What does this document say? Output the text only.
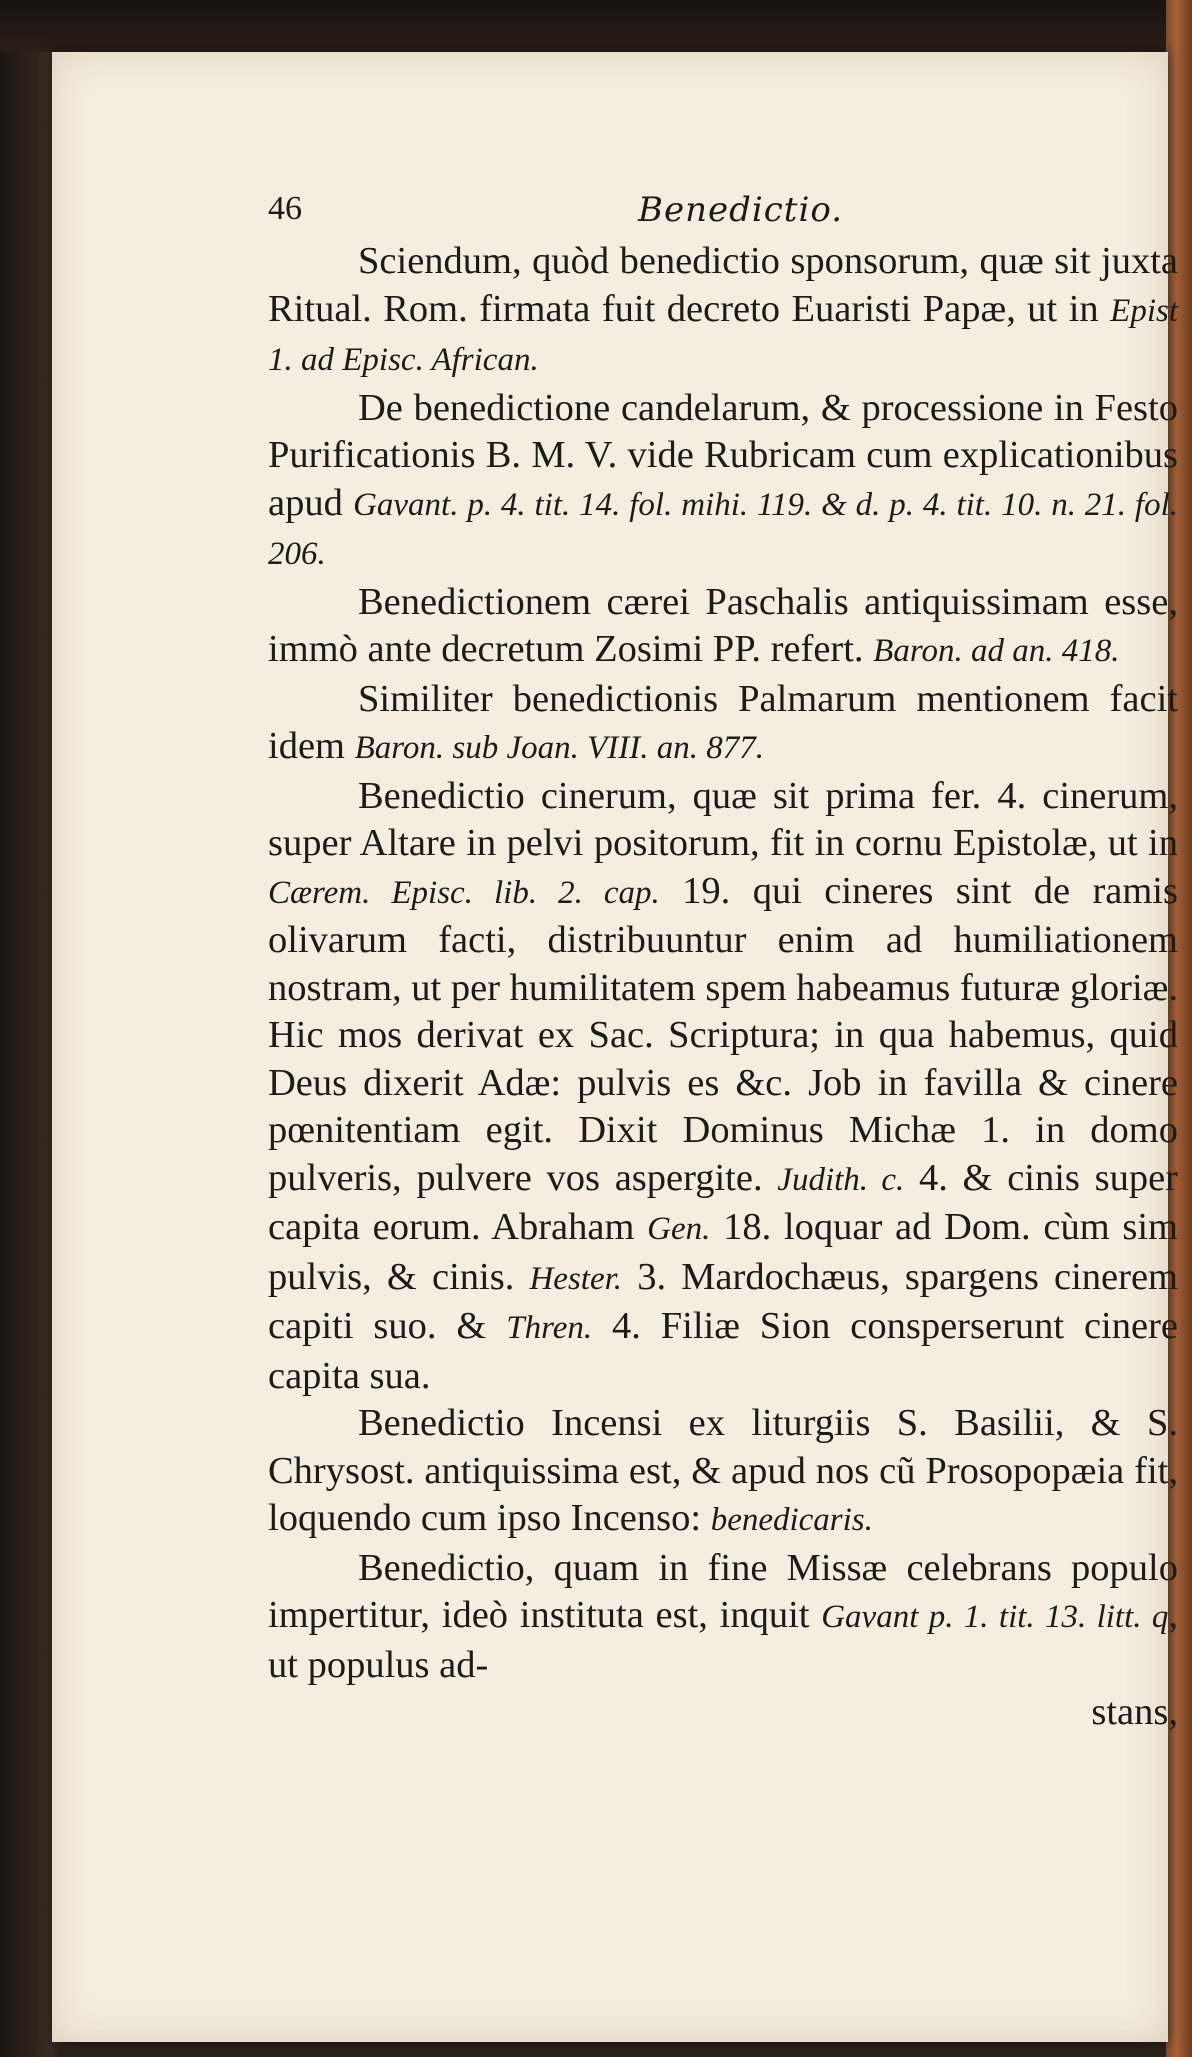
46	Benedictio.

Sciendum, quòd benedictio sponsorum, quæ sit juxta Ritual. Rom. firmata fuit decreto Euaristi Papæ, ut in Epist 1. ad Episc. African.

De benedictione candelarum, & processione in Festo Purificationis B. M. V. vide Rubricam cum explicationibus apud Gavant. p. 4. tit. 14. fol. mihi. 119. & d. p. 4. tit. 10. n. 21. fol. 206.

Benedictionem cærei Paschalis antiquissimam esse, immò ante decretum Zosimi PP. refert. Baron. ad an. 418.

Similiter benedictionis Palmarum mentionem facit idem Baron. sub Joan. VIII. an. 877.

Benedictio cinerum, quæ sit prima fer. 4. cinerum, super Altare in pelvi positorum, fit in cornu Epistolæ, ut in Cærem. Episc. lib. 2. cap. 19. qui cineres sint de ramis olivarum facti, distribuuntur enim ad humiliationem nostram, ut per humilitatem spem habeamus futuræ gloriæ. Hic mos derivat ex Sac. Scriptura; in qua habemus, quid Deus dixerit Adæ: pulvis es &c. Job in favilla & cinere pœnitentiam egit. Dixit Dominus Michæ 1. in domo pulveris, pulvere vos aspergite. Judith. c. 4. & cinis super capita eorum. Abraham Gen. 18. loquar ad Dom. cùm sim pulvis, & cinis. Hester. 3. Mardochæus, spargens cinerem capiti suo. & Thren. 4. Filiæ Sion consperserunt cinere capita sua.

Benedictio Incensi ex liturgiis S. Basilii, & S. Chrysost. antiquissima est, & apud nos cũ Prosopopæia fit, loquendo cum ipso Incenso: benedicaris.

Benedictio, quam in fine Missæ celebrans populo impertitur, ideò instituta est, inquit Gavant p. 1. tit. 13. litt. q, ut populus ad-

stans,
